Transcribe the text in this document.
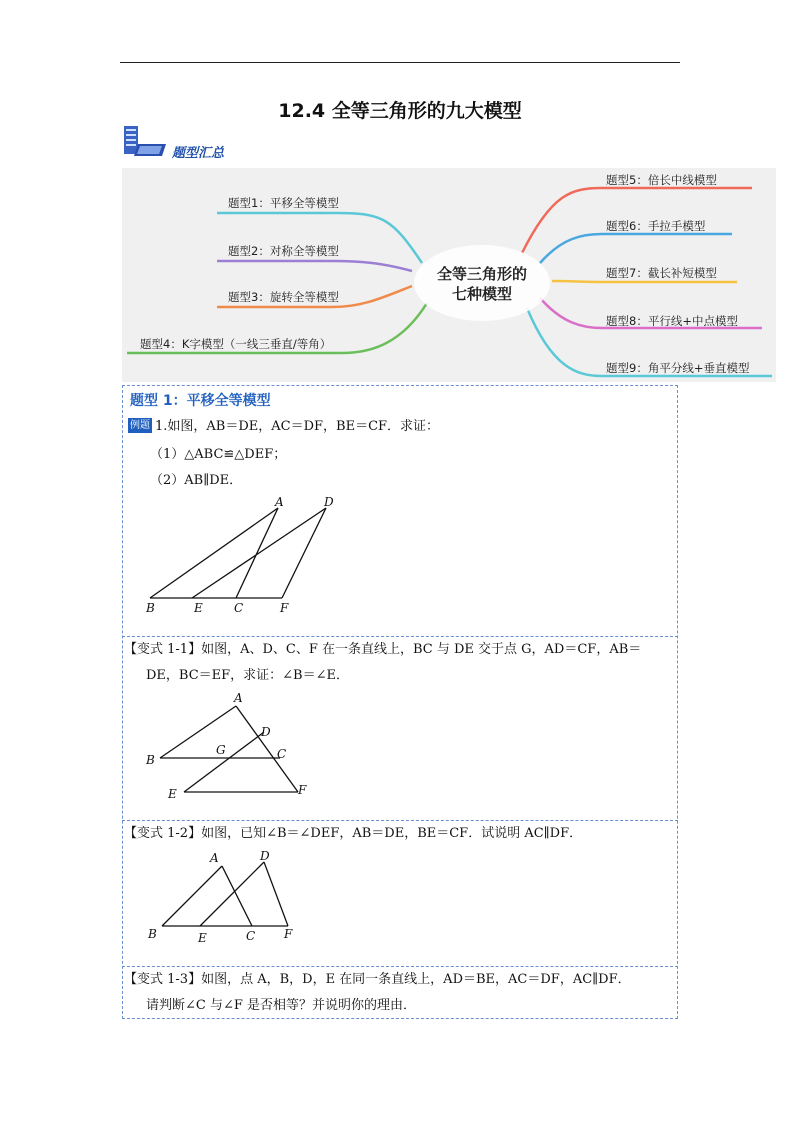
12.4 全等三角形的九大模型
题型汇总
全等三角形的
七种模型
题型1：平移全等模型
题型2：对称全等模型
题型3：旋转全等模型
题型4：K字模型（一线三垂直/等角）
题型5：倍长中线模型
题型6：手拉手模型
题型7：截长补短模型
题型8：平行线+中点模型
题型9：角平分线+垂直模型
题型 1：平移全等模型
例题 1.如图，AB＝DE，AC＝DF，BE＝CF．求证：
（1）△ABC≌△DEF；
（2）AB∥DE．
A	D
B	E	C	F
【变式 1-1】如图，A、D、C、F 在一条直线上，BC 与 DE 交于点 G，AD＝CF，AB＝
DE，BC＝EF，求证：∠B＝∠E．
A
D
G	C
B
E	F
【变式 1-2】如图，已知∠B＝∠DEF，AB＝DE，BE＝CF．试说明 AC∥DF．
A	D
B	E	C F
【变式 1-3】如图，点 A，B，D，E 在同一条直线上，AD＝BE，AC＝DF，AC∥DF．
请判断∠C 与∠F 是否相等？并说明你的理由．
